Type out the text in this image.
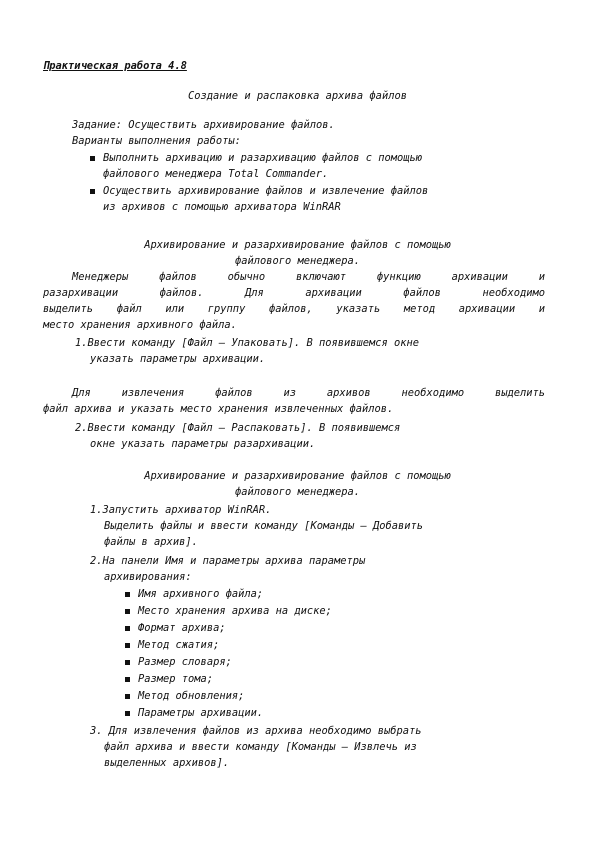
Практическая работа 4.8
Создание и распаковка архива файлов
Задание: Осуществить архивирование файлов.
Варианты выполнения работы:
Выполнить архивацию и разархивацию файлов с помощью
файлового менеджера Total Commander.
Осуществить архивирование файлов и извлечение файлов
из архивов с помощью архиватора WinRAR
Архивирование и разархивирование файлов с помощью
файлового менеджера.
Менеджеры файлов обычно включают функцию архивации и
разархивации файлов. Для архивации файлов необходимо
выделить файл или группу файлов, указать метод архивации и
место хранения архивного файла.
1.Ввести команду [Файл – Упаковать]. В появившемся окне
указать параметры архивации.
Для извлечения файлов из архивов необходимо выделить
файл архива и указать место хранения извлеченных файлов.
2.Ввести команду [Файл – Распаковать]. В появившемся
окне указать параметры разархивации.
Архивирование и разархивирование файлов с помощью
файлового менеджера.
1.Запустить архиватор WinRAR.
Выделить файлы и ввести команду [Команды – Добавить
файлы в архив].
2.На панели Имя и параметры архива параметры
архивирования:
Имя архивного файла;
Место хранения архива на диске;
Формат архива;
Метод сжатия;
Размер словаря;
Размер тома;
Метод обновления;
Параметры архивации.
3. Для извлечения файлов из архива необходимо выбрать
файл архива и ввести команду [Команды – Извлечь из
выделенных архивов].
